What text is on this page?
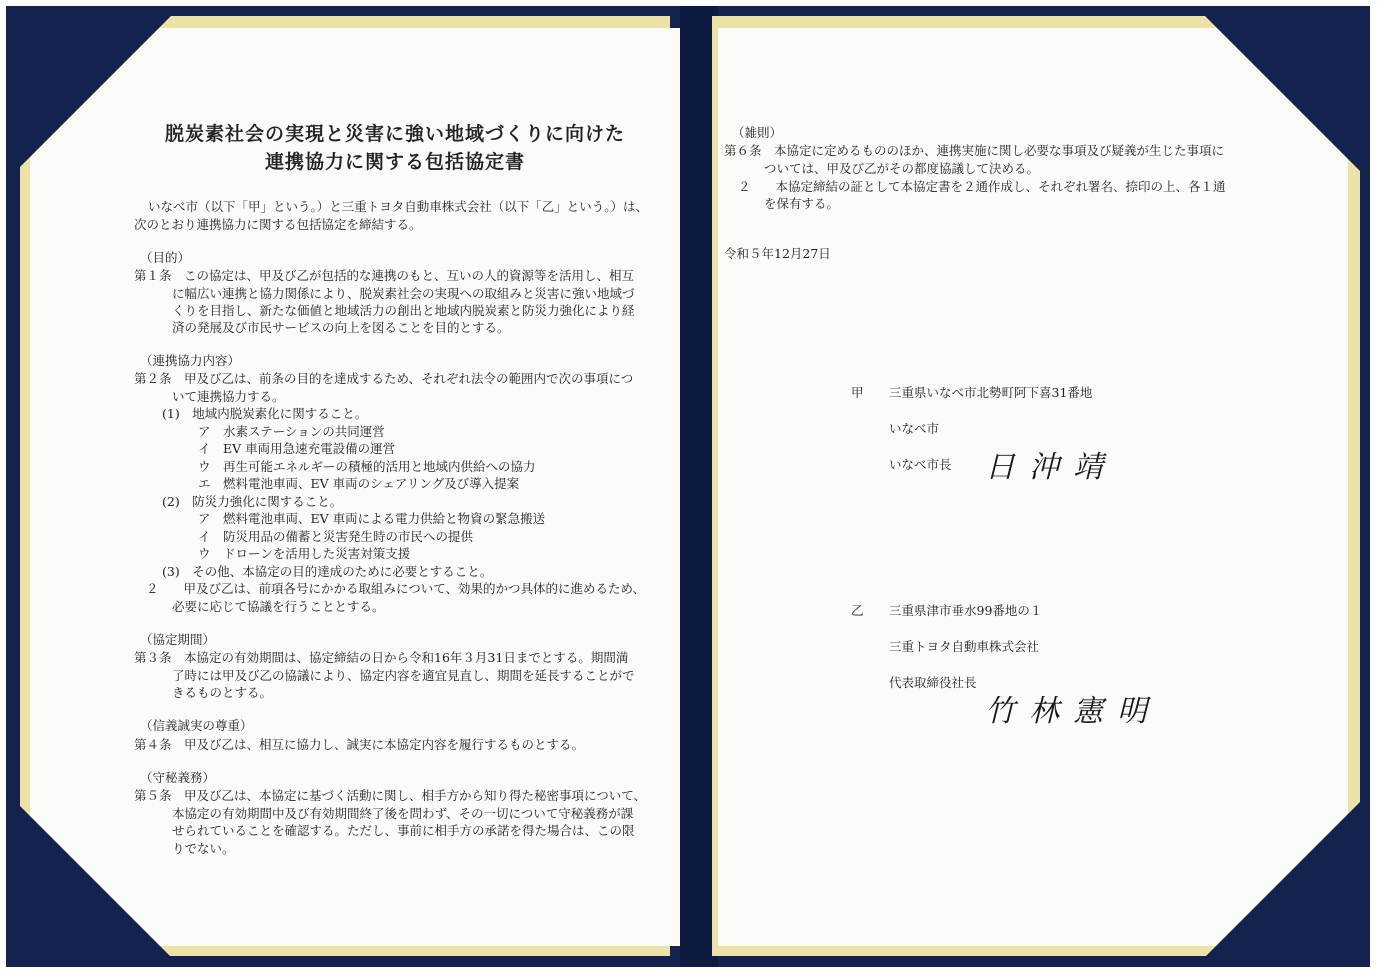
脱炭素社会の実現と災害に強い地域づくりに向けた
連携協力に関する包括協定書
いなべ市（以下「甲」という。）と三重トヨタ自動車株式会社（以下「乙」という。）は、
次のとおり連携協力に関する包括協定を締結する。
（目的）
第１条　この協定は、甲及び乙が包括的な連携のもと、互いの人的資源等を活用し、相互
に幅広い連携と協力関係により、脱炭素社会の実現への取組みと災害に強い地域づ
くりを目指し、新たな価値と地域活力の創出と地域内脱炭素と防災力強化により経
済の発展及び市民サービスの向上を図ることを目的とする。
（連携協力内容）
第２条　甲及び乙は、前条の目的を達成するため、それぞれ法令の範囲内で次の事項につ
いて連携協力する。
(1)　地域内脱炭素化に関すること。
ア　水素ステーションの共同運営
イ　EV 車両用急速充電設備の運営
ウ　再生可能エネルギーの積極的活用と地域内供給への協力
エ　燃料電池車両、EV 車両のシェアリング及び導入提案
(2)　防災力強化に関すること。
ア　燃料電池車両、EV 車両による電力供給と物資の緊急搬送
イ　防災用品の備蓄と災害発生時の市民への提供
ウ　ドローンを活用した災害対策支援
(3)　その他、本協定の目的達成のために必要とすること。
２　　甲及び乙は、前項各号にかかる取組みについて、効果的かつ具体的に進めるため、
必要に応じて協議を行うこととする。
（協定期間）
第３条　本協定の有効期間は、協定締結の日から令和16年３月31日までとする。期間満
了時には甲及び乙の協議により、協定内容を適宜見直し、期間を延長することがで
きるものとする。
（信義誠実の尊重）
第４条　甲及び乙は、相互に協力し、誠実に本協定内容を履行するものとする。
（守秘義務）
第５条　甲及び乙は、本協定に基づく活動に関し、相手方から知り得た秘密事項について、
本協定の有効期間中及び有効期間終了後を問わず、その一切について守秘義務が課
せられていることを確認する。ただし、事前に相手方の承諾を得た場合は、この限
りでない。
（雑則）
第６条　本協定に定めるもののほか、連携実施に関し必要な事項及び疑義が生じた事項に
ついては、甲及び乙がその都度協議して決める。
２　　本協定締結の証として本協定書を２通作成し、それぞれ署名、捺印の上、各１通
を保有する。
令和５年12月27日
甲 三重県いなべ市北勢町阿下喜31番地
いなべ市
いなべ市長 日沖靖
乙 三重県津市垂水99番地の１
三重トヨタ自動車株式会社
代表取締役社長
竹林憲明
